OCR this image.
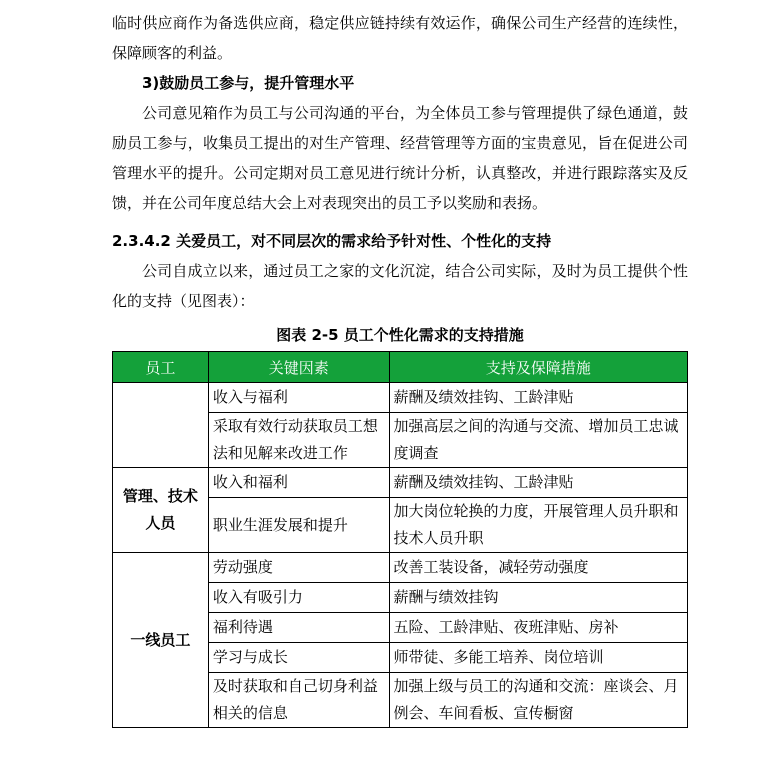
临时供应商作为备选供应商，稳定供应链持续有效运作，确保公司生产经营的连续性，保障顾客的利益。

3)鼓励员工参与，提升管理水平

公司意见箱作为员工与公司沟通的平台，为全体员工参与管理提供了绿色通道，鼓励员工参与，收集员工提出的对生产管理、经营管理等方面的宝贵意见，旨在促进公司管理水平的提升。公司定期对员工意见进行统计分析，认真整改，并进行跟踪落实及反馈，并在公司年度总结大会上对表现突出的员工予以奖励和表扬。

2.3.4.2 关爱员工，对不同层次的需求给予针对性、个性化的支持

公司自成立以来，通过员工之家的文化沉淀，结合公司实际，及时为员工提供个性化的支持（见图表）：

图表 2-5 员工个性化需求的支持措施
员工	关键因素	支持及保障措施
	收入与福利	薪酬及绩效挂钩、工龄津贴
	采取有效行动获取员工想法和见解来改进工作	加强高层之间的沟通与交流、增加员工忠诚度调查
管理、技术人员	收入和福利	薪酬及绩效挂钩、工龄津贴
	职业生涯发展和提升	加大岗位轮换的力度，开展管理人员升职和技术人员升职
一线员工	劳动强度	改善工装设备，减轻劳动强度
	收入有吸引力	薪酬与绩效挂钩
	福利待遇	五险、工龄津贴、夜班津贴、房补
	学习与成长	师带徒、多能工培养、岗位培训
	及时获取和自己切身利益相关的信息	加强上级与员工的沟通和交流：座谈会、月例会、车间看板、宣传橱窗
